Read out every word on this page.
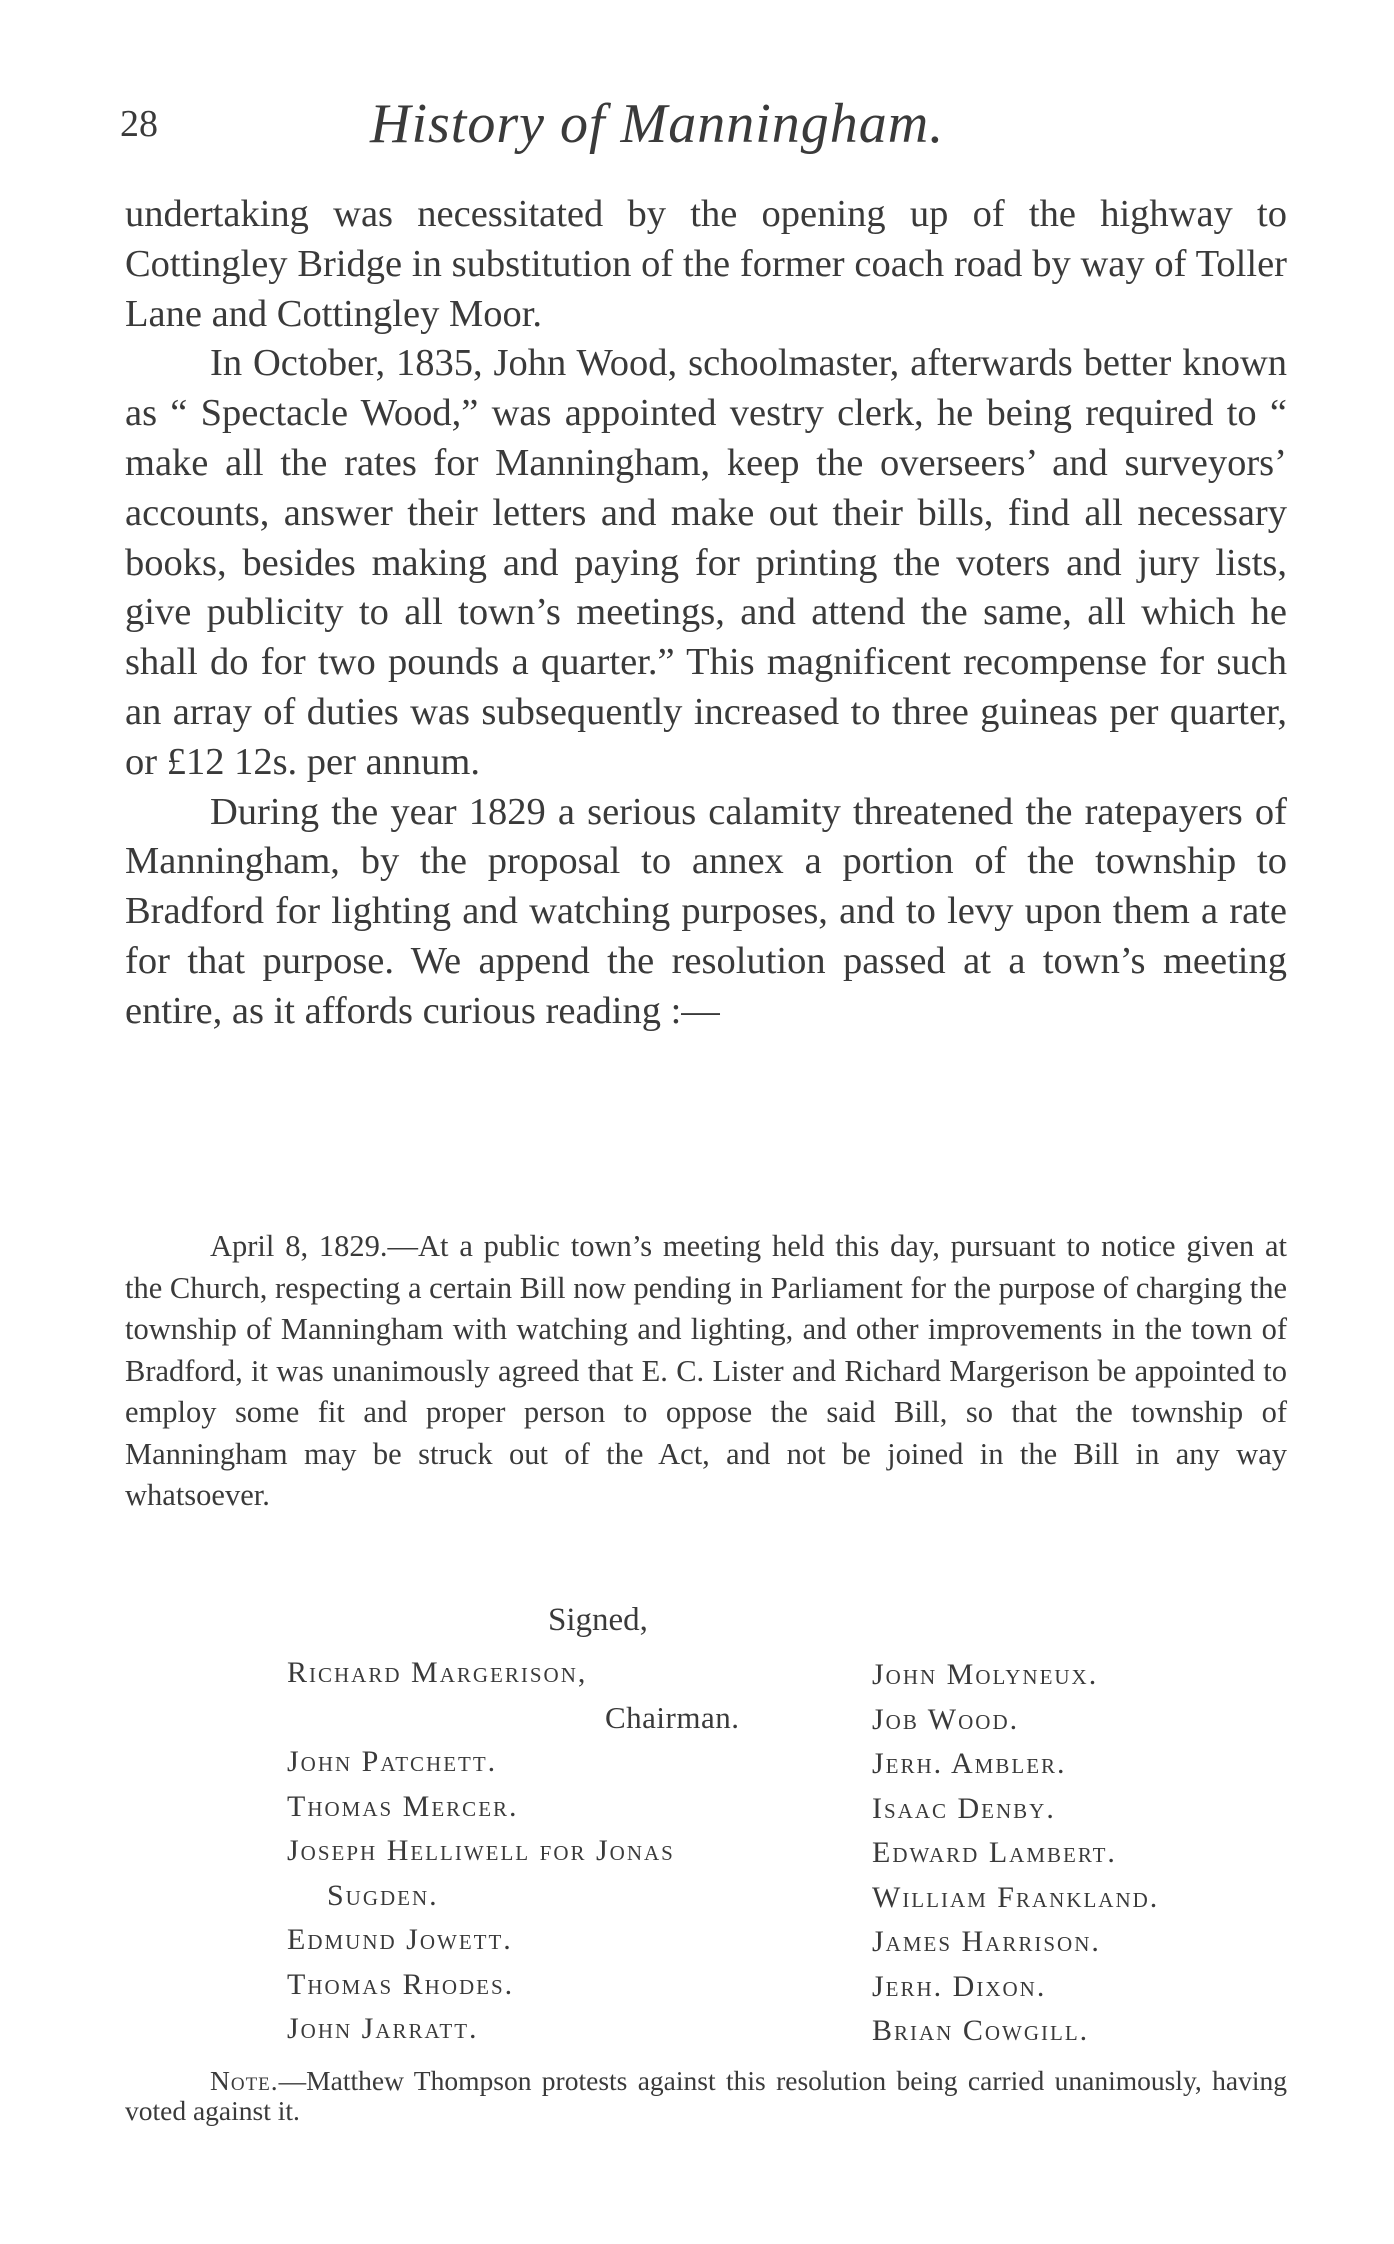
28	History of Manningham.

undertaking was necessitated by the opening up of the highway to Cottingley Bridge in substitution of the former coach road by way of Toller Lane and Cottingley Moor.

In October, 1835, John Wood, schoolmaster, afterwards better known as “ Spectacle Wood,” was appointed vestry clerk, he being required to “ make all the rates for Manningham, keep the overseers’ and surveyors’ accounts, answer their letters and make out their bills, find all necessary books, besides making and paying for printing the voters and jury lists, give publicity to all town’s meetings, and attend the same, all which he shall do for two pounds a quarter.” This magnificent recompense for such an array of duties was subsequently increased to three guineas per quarter, or £12 12s. per annum.

During the year 1829 a serious calamity threatened the ratepayers of Manningham, by the proposal to annex a portion of the township to Bradford for lighting and watching purposes, and to levy upon them a rate for that purpose. We append the resolution passed at a town’s meeting entire, as it affords curious reading :—

April 8, 1829.—At a public town’s meeting held this day, pursuant to notice given at the Church, respecting a certain Bill now pending in Parliament for the purpose of charging the township of Manningham with watching and lighting, and other improvements in the town of Bradford, it was unanimously agreed that E. C. Lister and Richard Margerison be appointed to employ some fit and proper person to oppose the said Bill, so that the township of Manningham may be struck out of the Act, and not be joined in the Bill in any way whatsoever.

Signed,
Richard Margerison,
Chairman.
John Patchett.
Thomas Mercer.
Joseph Helliwell for Jonas
Sugden.
Edmund Jowett.
Thomas Rhodes.
John Jarratt.
John Molyneux.
Job Wood.
Jerh. Ambler.
Isaac Denby.
Edward Lambert.
William Frankland.
James Harrison.
Jerh. Dixon.
Brian Cowgill.

Note.—Matthew Thompson protests against this resolution being carried unanimously, having voted against it.
